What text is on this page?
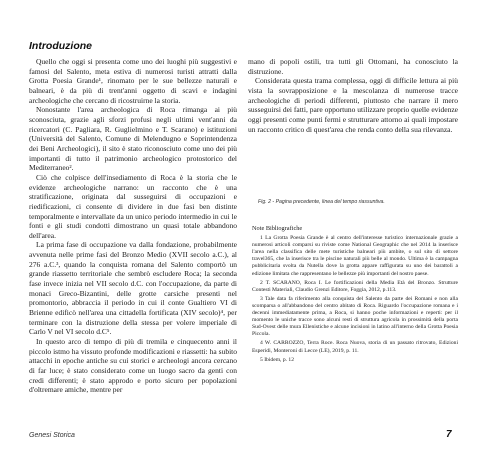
Introduzione

Quello che oggi si presenta come uno dei luoghi più suggestivi e famosi del Salento, meta estiva di numerosi turisti attratti dalla Grotta Poesia Grande¹, rinomato per le sue bellezze naturali e balneari, è da più di trent'anni oggetto di scavi e indagini archeologiche che cercano di ricostruirne la storia.

Nonostante l'area archeologica di Roca rimanga ai più sconosciuta, grazie agli sforzi profusi negli ultimi vent'anni da ricercatori (C. Pagliara, R. Guglielmino e T. Scarano) e istituzioni (Università del Salento, Comune di Melendugno e Soprintendenza dei Beni Archeologici), il sito è stato riconosciuto come uno dei più importanti di tutto il patrimonio archeologico protostorico del Mediterraneo².

Ciò che colpisce dell'insediamento di Roca è la storia che le evidenze archeologiche narrano: un racconto che è una stratificazione, originata dal susseguirsi di occupazioni e riedificazioni, ci consente di dividere in due fasi ben distinte temporalmente e intervallate da un unico periodo intermedio in cui le fonti e gli studi condotti dimostrano un quasi totale abbandono dell'area.

La prima fase di occupazione va dalla fondazione, probabilmente avvenuta nelle prime fasi del Bronzo Medio (XVII secolo a.C.), al 276 a.C.³, quando la conquista romana del Salento comportò un grande riassetto territoriale che sembrò escludere Roca; la seconda fase invece inizia nel VII secolo d.C. con l'occupazione, da parte di monaci Greco-Bizantini, delle grotte carsiche presenti nel promontorio, abbraccia il periodo in cui il conte Gualtiero VI di Brienne edificò nell'area una cittadella fortificata (XIV secolo)⁴, per terminare con la distruzione della stessa per volere imperiale di Carlo V nel VI secolo d.C⁵.

In questo arco di tempo di più di tremila e cinquecento anni il piccolo istmo ha vissuto profonde modificazioni e riassetti: ha subito attacchi in epoche antiche su cui storici e archeologi ancora cercano di far luce; è stato considerato come un luogo sacro da genti con credi differenti; è stato approdo e porto sicuro per popolazioni d'oltremare amiche, mentre per

mano di popoli ostili, tra tutti gli Ottomani, ha conosciuto la distruzione.

Considerata questa trama complessa, oggi di difficile lettura ai più vista la sovrapposizione e la mescolanza di numerose tracce archeologiche di periodi differenti, piuttosto che narrare il mero susseguirsi dei fatti, pare opportuno utilizzare proprio quelle evidenze oggi presenti come punti fermi e strutturare attorno ai quali impostare un racconto critico di quest'area che renda conto della sua rilevanza.

Fig. 2 - Pagina precedente, linea del tempo riassuntiva.
Note Bibliografiche

1 La Grotta Poesia Grande è al centro dell'interesse turistico internazionale grazie a numerosi articoli comparsi su riviste come National Geographic che nel 2014 la inserisce l'area nella classifica delle mete turistiche balneari più ambite, o sul sito di settore travel365, che la inserisce tra le piscine naturali più belle al mondo. Ultima è la campagna pubblicitaria svolta da Nutella dove la grotta appare raffigurata su uno dei barattoli a edizione limitata che rappresentano le bellezze più importanti del nostro paese.

2 T. SCARANO, Roca I. Le fortificazioni della Media Età del Bronzo. Strutture Contesti Materiali, Claudio Grenzi Editore, Foggia, 2012, p.113.

3 Tale data fa riferimento alla conquista del Salento da parte dei Romani e non alla scomparsa o all'abbandono del centro abitato di Roca. Riguardo l'occupazione romana e i decenni immediatamente prima, a Roca, si hanno poche informazioni e reperti: per il momento le uniche tracce sono alcuni resti di struttura agricola in prossimità della porta Sud-Ovest delle mura Ellenistiche e alcune incisioni in latino all'interno della Grotta Poesia Piccola.

4 W. CARROZZO, Terra Roce. Roca Nuova, storia di un passato ritrovato, Edizioni Esperidi, Monteroni di Lecce (LE), 2019, p. 11.

5 Ibidem, p. 12

Genesi Storica	7
